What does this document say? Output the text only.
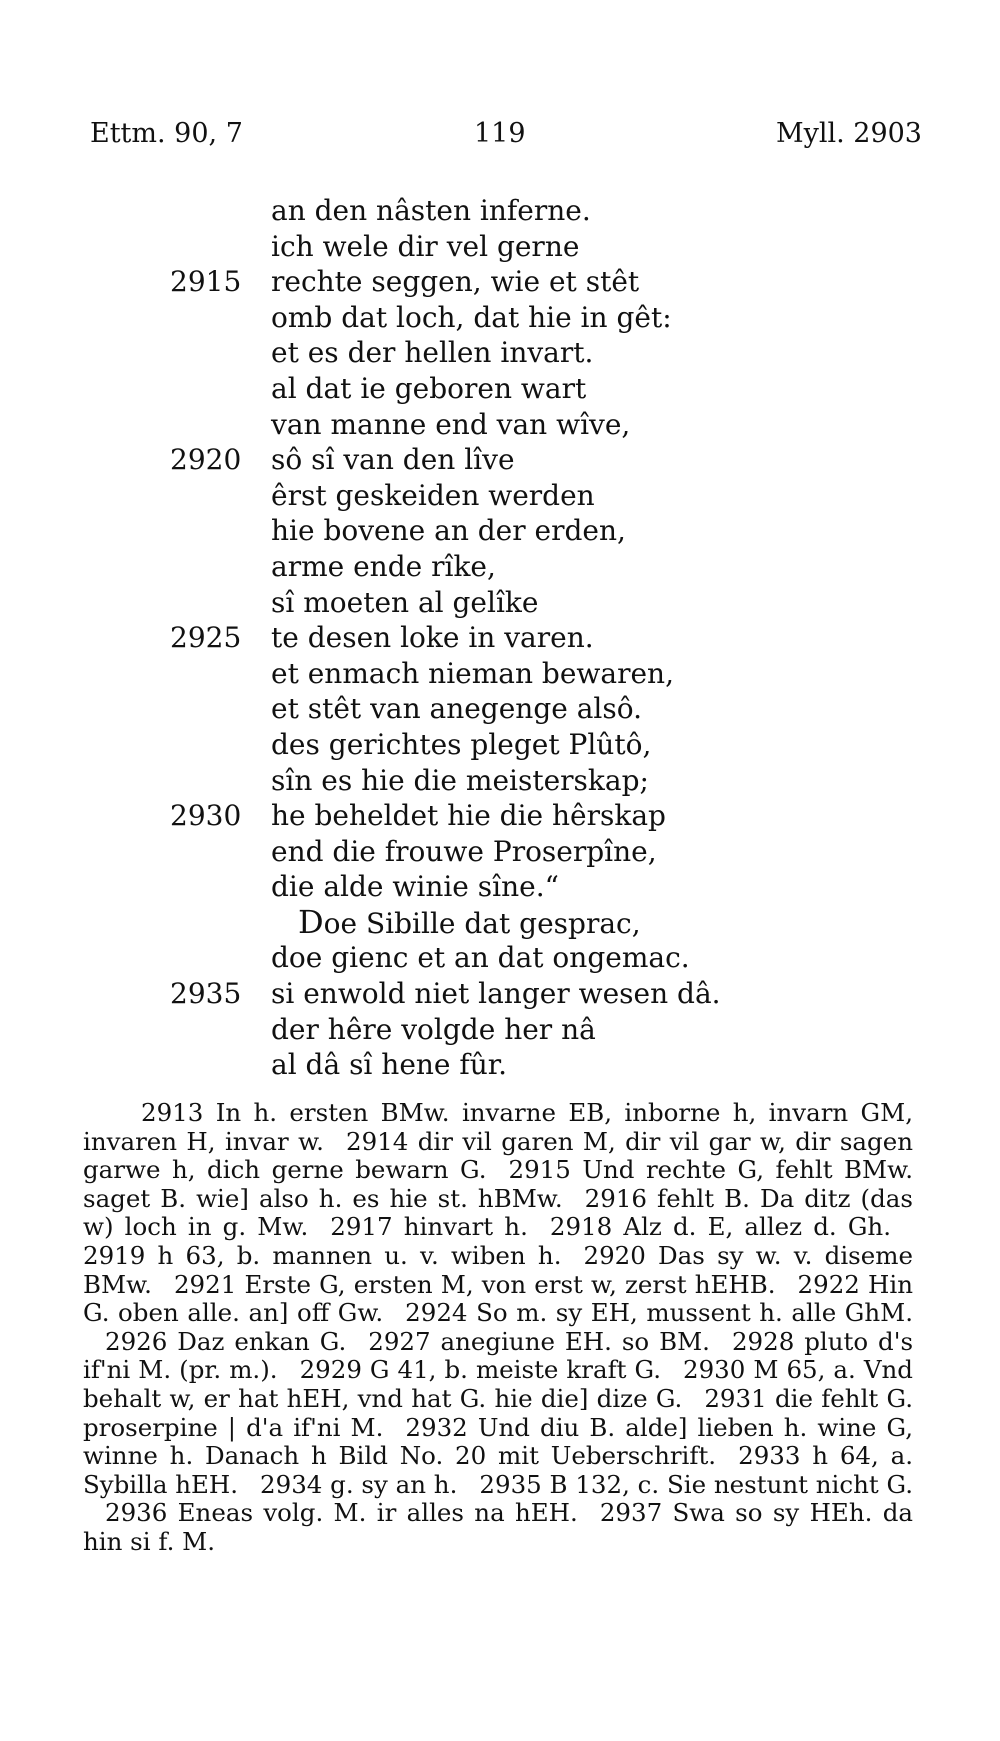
Ettm. 90, 7	119	Myll. 2903
an den nâsten inferne.
ich wele dir vel gerne
2915	rechte seggen, wie et stêt
omb dat loch, dat hie in gêt:
et es der hellen invart.
al dat ie geboren wart
van manne end van wîve,
2920	sô sî van den lîve
êrst geskeiden werden
hie bovene an der erden,
arme ende rîke,
sî moeten al gelîke
2925	te desen loke in varen.
et enmach nieman bewaren,
et stêt van anegenge alsô.
des gerichtes pleget Plûtô,
sîn es hie die meisterskap;
2930	he beheldet hie die hêrskap
end die frouwe Proserpîne,
die alde winie sîne.“
Doe Sibille dat gesprac,
doe gienc et an dat ongemac.
2935	si enwold niet langer wesen dâ.
der hêre volgde her nâ
al dâ sî hene fûr.
2913 In h. ersten BMw. invarne EB, inborne h, invarn GM, invaren H, invar w. 2914 dir vil garen M, dir vil gar w, dir sagen garwe h, dich gerne bewarn G. 2915 Und rechte G, fehlt BMw. saget B. wie] also h. es hie st. hBMw. 2916 fehlt B. Da ditz (das w) loch in g. Mw. 2917 hinvart h. 2918 Alz d. E, allez d. Gh.2919 h 63, b. mannen u. v. wiben h. 2920 Das sy w. v. diseme BMw. 2921 Erste G, ersten M, von erst w, zerst hEHB. 2922 Hin G. oben alle. an] off Gw. 2924 So m. sy EH, mussent h. alle GhM.2926 Daz enkan G. 2927 anegiune EH. so BM. 2928 pluto d's if'ni M. (pr. m.). 2929 G 41, b. meiste kraft G. 2930 M 65, a. Vnd behalt w, er hat hEH, vnd hat G. hie die] dize G. 2931 die fehlt G. proserpine | d'a if'ni M. 2932 Und diu B. alde] lieben h. wine G, winne h. Danach h Bild No. 20 mit Ueberschrift. 2933 h 64, a. Sybilla hEH. 2934 g. sy an h. 2935 B 132, c. Sie nestunt nicht G.2936 Eneas volg. M. ir alles na hEH. 2937 Swa so sy HEh. da hin si f. M.
